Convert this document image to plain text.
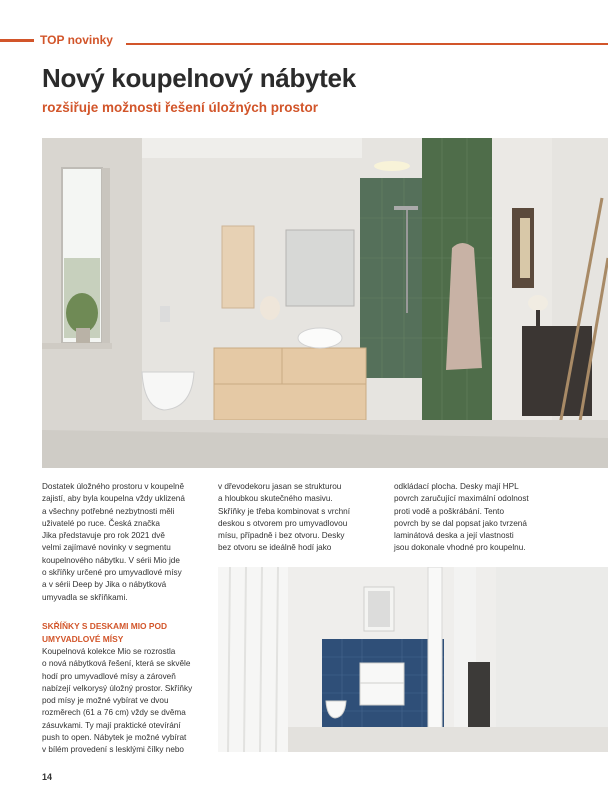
TOP novinky
Nový koupelnový nábytek
rozšiřuje možnosti řešení úložných prostor

Dostatek úložného prostoru v koupelně

zajistí, aby byla koupelna vždy uklizená

a všechny potřebné nezbytnosti měli

uživatelé po ruce. Česká značka

Jika představuje pro rok 2021 dvě

velmi zajímavé novinky v segmentu

koupelnového nábytku. V sérii Mio jde

o skříňky určené pro umyvadlové mísy

a v sérii Deep by Jika o nábytková

umyvadla se skříňkami.

SKŘÍŇKY S DESKAMI MIO POD UMYVADLOVÉ MÍSY

Koupelnová kolekce Mio se rozrostla

o nová nábytková řešení, která se skvěle

hodí pro umyvadlové mísy a zároveň

nabízejí velkorysý úložný prostor. Skříňky

pod mísy je možné vybírat ve dvou

rozměrech (61 a 76 cm) vždy se dvěma

zásuvkami. Ty mají praktické otevírání

push to open. Nábytek je možné vybírat

v bílém provedení s lesklými čílky nebo

v dřevodekoru jasan se strukturou

a hloubkou skutečného masivu.

Skříňky je třeba kombinovat s vrchní

deskou s otvorem pro umyvadlovou

mísu, případně i bez otvoru. Desky

bez otvoru se ideálně hodí jako

odkládací plocha. Desky mají HPL

povrch zaručující maximální odolnost

proti vodě a poškrábání. Tento

povrch by se dal popsat jako tvrzená

laminátová deska a její vlastnosti

jsou dokonale vhodné pro koupelnu.

14
